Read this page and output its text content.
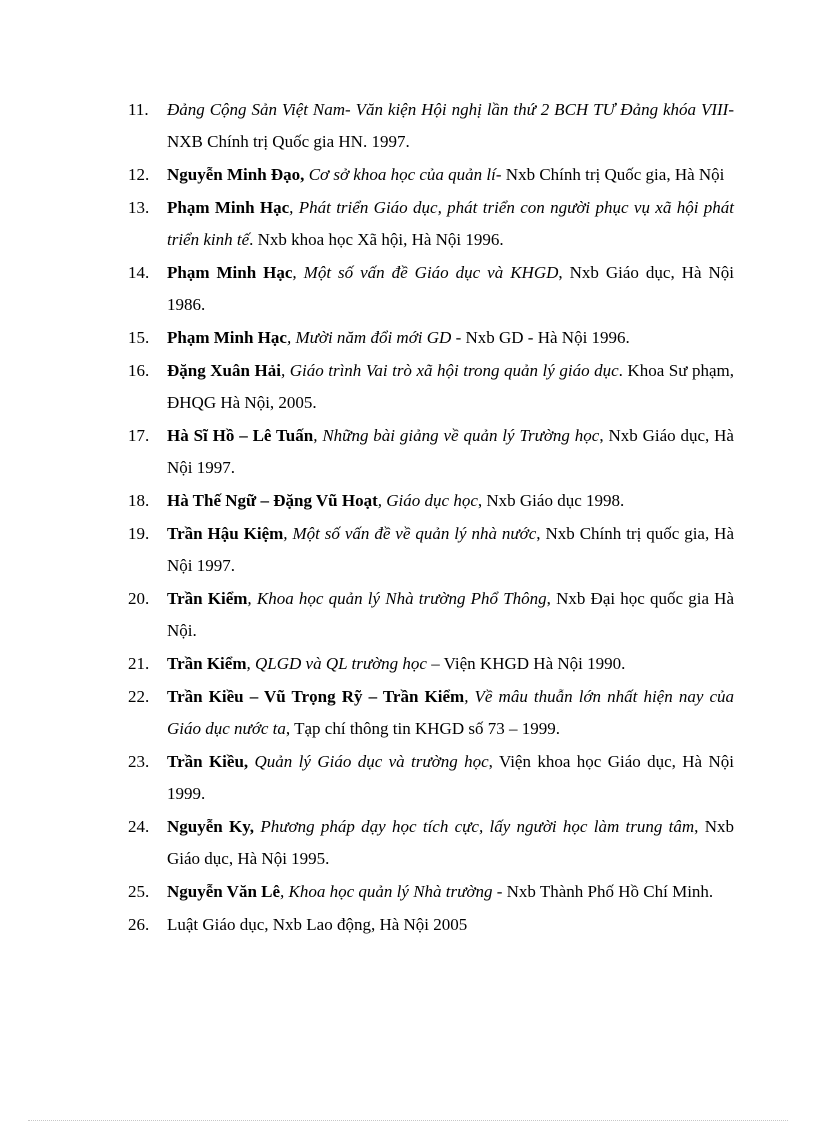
11. Đảng Cộng Sản Việt Nam- Văn kiện Hội nghị lần thứ 2 BCH TƯ Đảng khóa VIII- NXB Chính trị Quốc gia HN. 1997.
12. Nguyễn Minh Đạo, Cơ sở khoa học của quản lí- Nxb Chính trị Quốc gia, Hà Nội
13. Phạm Minh Hạc, Phát triển Giáo dục, phát triển con người phục vụ xã hội phát triển kinh tế. Nxb khoa học Xã hội, Hà Nội 1996.
14. Phạm Minh Hạc, Một số vấn đề Giáo dục và KHGD, Nxb Giáo dục, Hà Nội 1986.
15. Phạm Minh Hạc, Mười năm đổi mới GD - Nxb GD - Hà Nội 1996.
16. Đặng Xuân Hải, Giáo trình Vai trò xã hội trong quản lý giáo dục. Khoa Sư phạm, ĐHQG Hà Nội, 2005.
17. Hà Sĩ Hồ – Lê Tuấn, Những bài giảng về quản lý Trường học, Nxb Giáo dục, Hà Nội 1997.
18. Hà Thế Ngữ – Đặng Vũ Hoạt, Giáo dục học, Nxb Giáo dục 1998.
19. Trần Hậu Kiệm, Một số vấn đề về quản lý nhà nước, Nxb Chính trị quốc gia, Hà Nội 1997.
20. Trần Kiểm, Khoa học quản lý Nhà trường Phổ Thông, Nxb Đại học quốc gia Hà Nội.
21. Trần Kiểm, QLGD và QL trường học – Viện KHGD Hà Nội 1990.
22. Trần Kiều – Vũ Trọng Rỹ – Trần Kiểm, Về mâu thuẫn lớn nhất hiện nay của Giáo dục nước ta, Tạp chí thông tin KHGD số 73 – 1999.
23. Trần Kiều, Quản lý Giáo dục và trường học, Viện khoa học Giáo dục, Hà Nội 1999.
24. Nguyễn Ky, Phương pháp dạy học tích cực, lấy người học làm trung tâm, Nxb Giáo dục, Hà Nội 1995.
25. Nguyễn Văn Lê, Khoa học quản lý Nhà trường - Nxb Thành Phố Hồ Chí Minh.
26. Luật Giáo dục, Nxb Lao động, Hà Nội 2005
